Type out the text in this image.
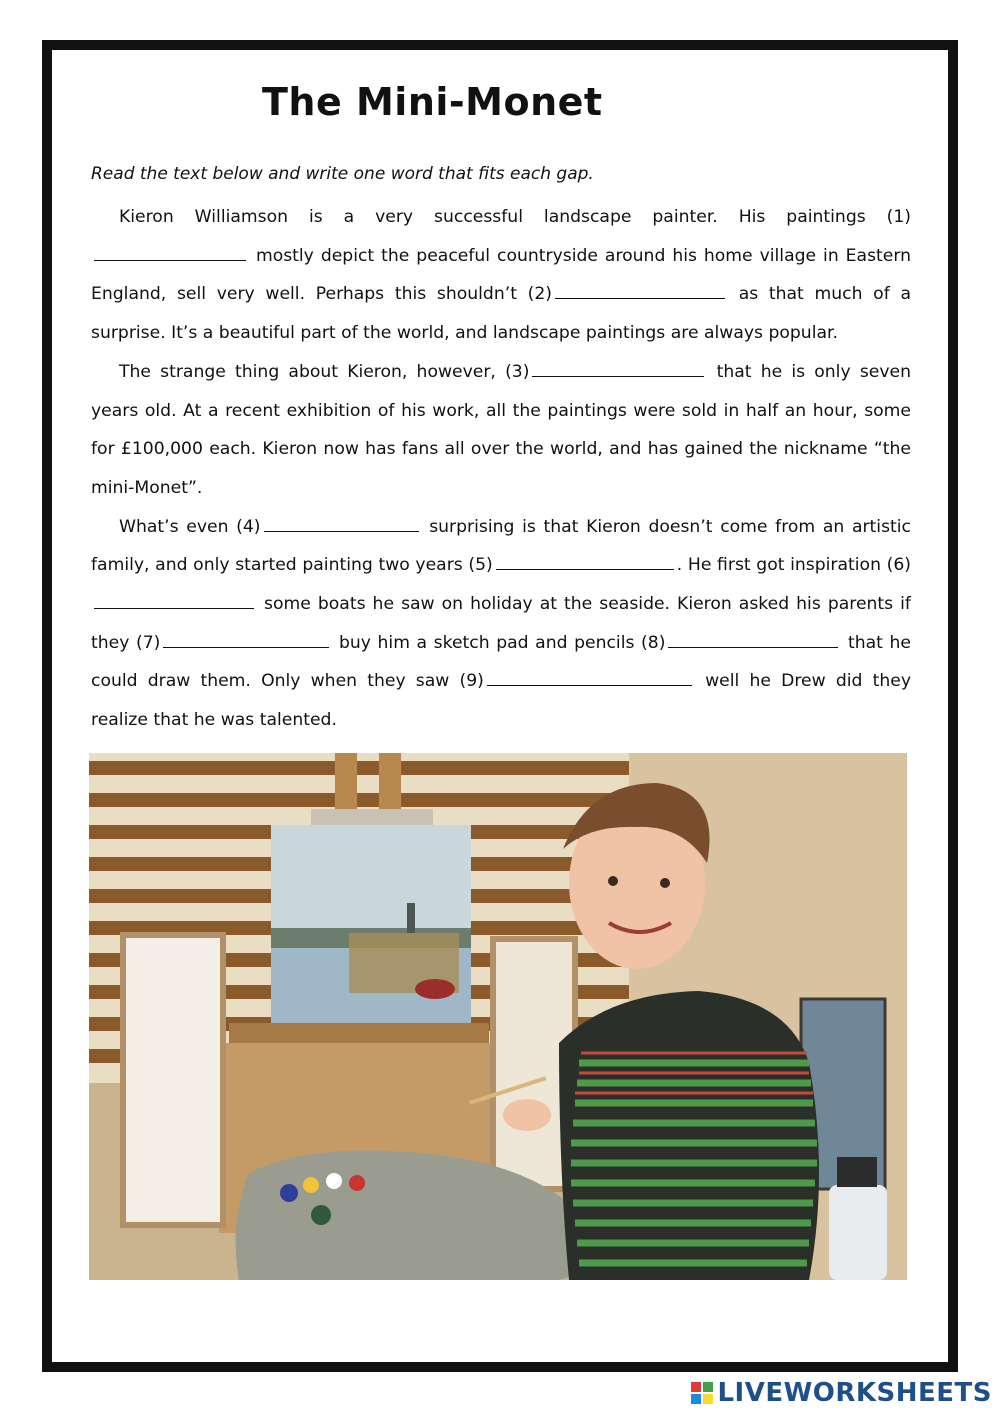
The Mini-Monet

Read the text below and write one word that fits each gap.

Kieron Williamson is a very successful landscape painter. His paintings (1) mostly depict the peaceful countryside around his home village in Eastern England, sell very well. Perhaps this shouldn’t (2)	as that much of a surprise. It’s a beautiful part of the world, and landscape paintings are always popular.

The strange thing about Kieron, however, (3)	that he is only seven years old. At a recent exhibition of his work, all the paintings were sold in half an hour, some for £100,000 each. Kieron now has fans all over the world, and has gained the nickname “the mini-Monet”.

What’s even (4)	surprising is that Kieron doesn’t come from an artistic family, and only started painting two years (5)	. He first got inspiration (6) some boats he saw on holiday at the seaside. Kieron asked his parents if they (7)	buy him a sketch pad and pencils (8)	that he could draw them. Only when they saw (9)	well he Drew did they realize that he was talented.

LIVEWORKSHEETS
